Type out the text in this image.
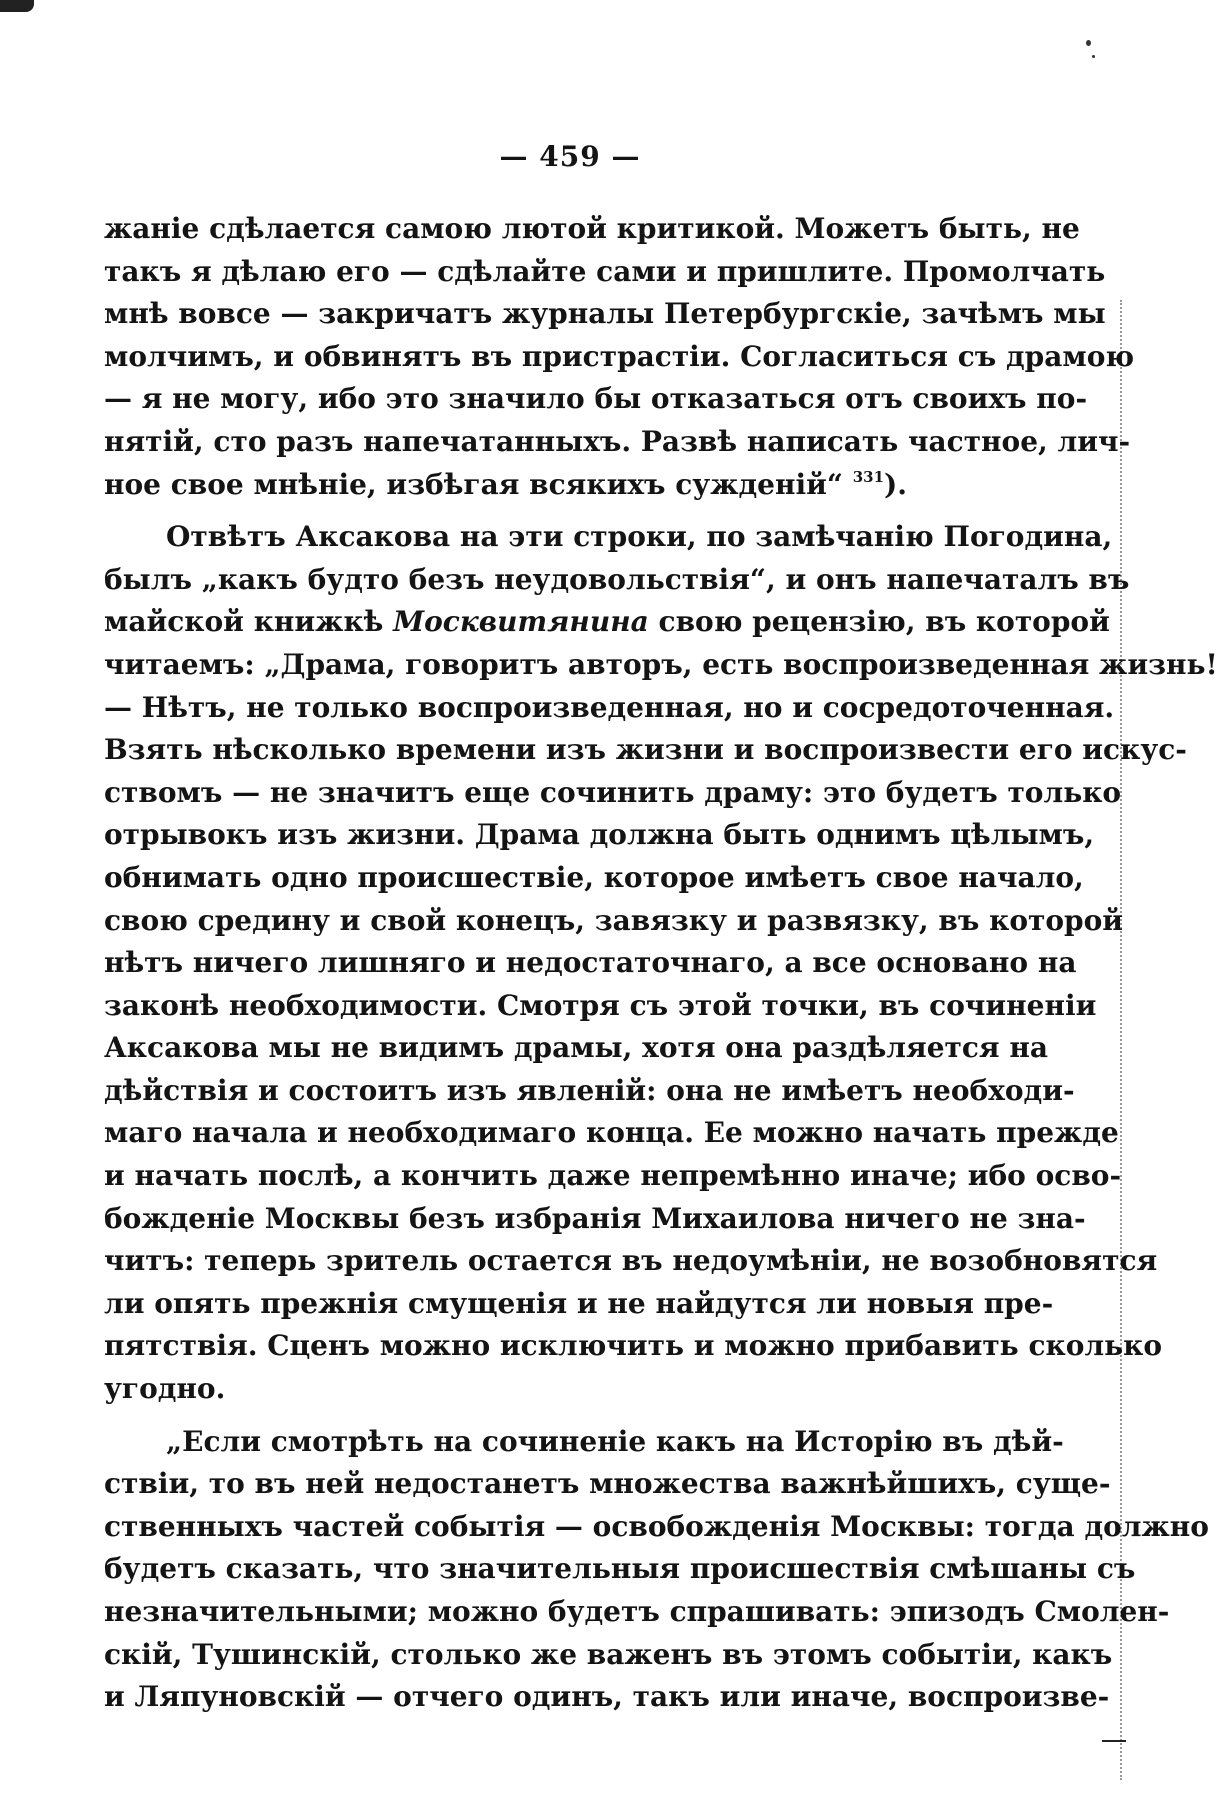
— 459 —
жаніе сдѣлается самою лютой критикой. Можетъ быть, не
такъ я дѣлаю его — сдѣлайте сами и пришлите. Промолчать
мнѣ вовсе — закричатъ журналы Петербургскіе, зачѣмъ мы
молчимъ, и обвинятъ въ пристрастіи. Согласиться съ драмою
— я не могу, ибо это значило бы отказаться отъ своихъ по-
нятій, сто разъ напечатанныхъ. Развѣ написать частное, лич-
ное свое мнѣніе, избѣгая всякихъ сужденій“ $^{331}$).
Отвѣтъ Аксакова на эти строки, по замѣчанію Погодина,
былъ „какъ будто безъ неудовольствія“, и онъ напечаталъ въ
майской книжкѣ Москвитянина свою рецензію, въ которой
читаемъ: „Драма, говоритъ авторъ, есть воспроизведенная жизнь!
— Нѣтъ, не только воспроизведенная, но и сосредоточенная.
Взять нѣсколько времени изъ жизни и воспроизвести его искус-
ствомъ — не значитъ еще сочинить драму: это будетъ только
отрывокъ изъ жизни. Драма должна быть однимъ цѣлымъ,
обнимать одно происшествіе, которое имѣетъ свое начало,
свою средину и свой конецъ, завязку и развязку, въ которой
нѣтъ ничего лишняго и недостаточнаго, а все основано на
законѣ необходимости. Смотря съ этой точки, въ сочиненіи
Аксакова мы не видимъ драмы, хотя она раздѣляется на
дѣйствія и состоитъ изъ явленій: она не имѣетъ необходи-
маго начала и необходимаго конца. Ее можно начать прежде
и начать послѣ, а кончить даже непремѣнно иначе; ибо осво-
божденіе Москвы безъ избранія Михаилова ничего не зна-
читъ: теперь зритель остается въ недоумѣніи, не возобновятся
ли опять прежнія смущенія и не найдутся ли новыя пре-
пятствія. Сценъ можно исключить и можно прибавить сколько
угодно.
„Если смотрѣть на сочиненіе какъ на Исторію въ дѣй-
ствіи, то въ ней недостанетъ множества важнѣйшихъ, суще-
ственныхъ частей событія — освобожденія Москвы: тогда должно
будетъ сказать, что значительныя происшествія смѣшаны съ
незначительными; можно будетъ спрашивать: эпизодъ Смолен-
скій, Тушинскій, столько же важенъ въ этомъ событіи, какъ
и Ляпуновскій — отчего одинъ, такъ или иначе, воспроизве-
